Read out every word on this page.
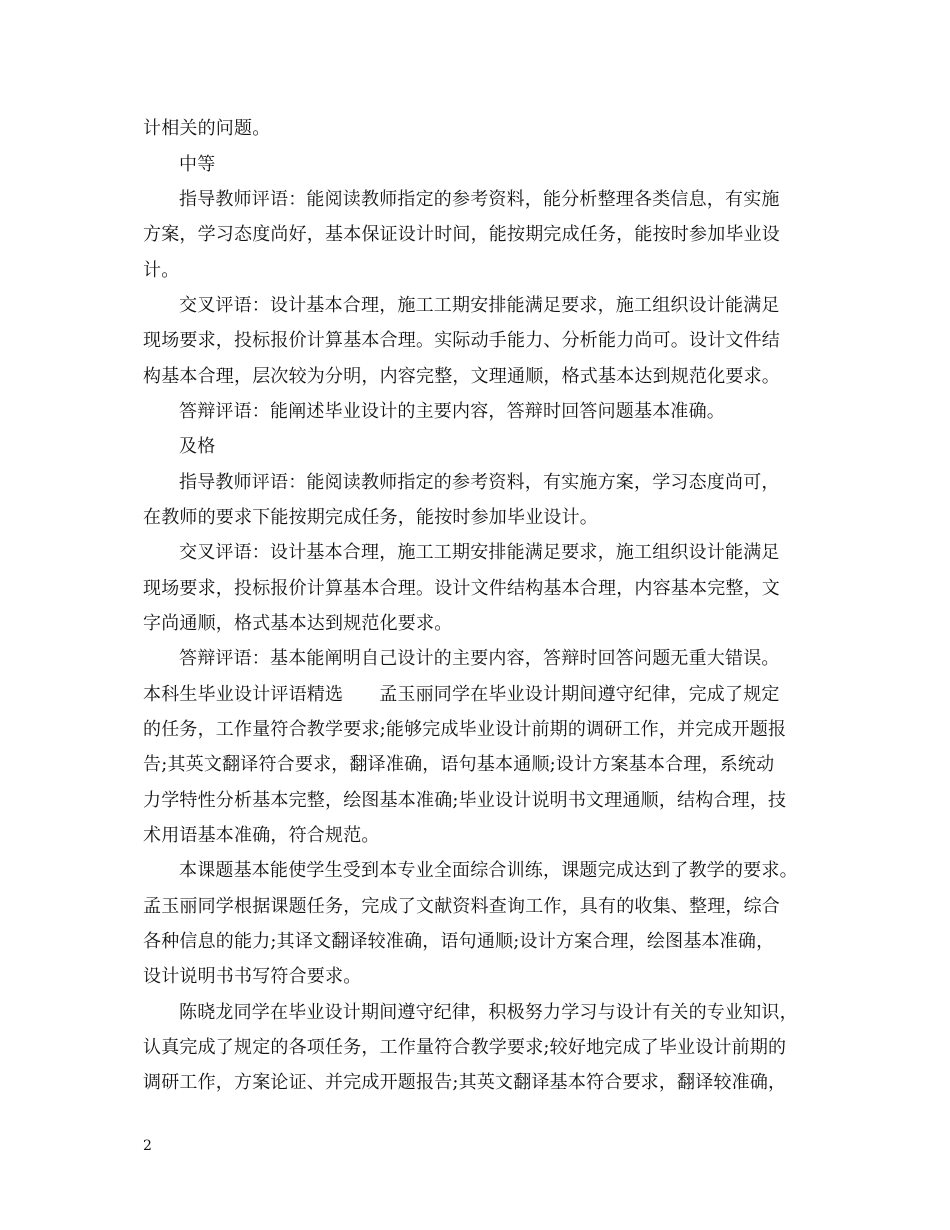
计相关的问题。
中等
指导教师评语：能阅读教师指定的参考资料，能分析整理各类信息，有实施
方案，学习态度尚好，基本保证设计时间，能按期完成任务，能按时参加毕业设
计。
交叉评语：设计基本合理，施工工期安排能满足要求，施工组织设计能满足
现场要求，投标报价计算基本合理。实际动手能力、分析能力尚可。设计文件结
构基本合理，层次较为分明，内容完整，文理通顺，格式基本达到规范化要求。
答辩评语：能阐述毕业设计的主要内容，答辩时回答问题基本准确。
及格
指导教师评语：能阅读教师指定的参考资料，有实施方案，学习态度尚可，
在教师的要求下能按期完成任务，能按时参加毕业设计。
交叉评语：设计基本合理，施工工期安排能满足要求，施工组织设计能满足
现场要求，投标报价计算基本合理。设计文件结构基本合理，内容基本完整，文
字尚通顺，格式基本达到规范化要求。
答辩评语：基本能阐明自己设计的主要内容，答辩时回答问题无重大错误。
本科生毕业设计评语精选 孟玉丽同学在毕业设计期间遵守纪律，完成了规定
的任务，工作量符合教学要求;能够完成毕业设计前期的调研工作，并完成开题报
告;其英文翻译符合要求，翻译准确，语句基本通顺;设计方案基本合理，系统动
力学特性分析基本完整，绘图基本准确;毕业设计说明书文理通顺，结构合理，技
术用语基本准确，符合规范。
本课题基本能使学生受到本专业全面综合训练，课题完成达到了教学的要求。
孟玉丽同学根据课题任务，完成了文献资料查询工作，具有的收集、整理，综合
各种信息的能力;其译文翻译较准确，语句通顺;设计方案合理，绘图基本准确，
设计说明书书写符合要求。
陈晓龙同学在毕业设计期间遵守纪律，积极努力学习与设计有关的专业知识，
认真完成了规定的各项任务，工作量符合教学要求;较好地完成了毕业设计前期的
调研工作，方案论证、并完成开题报告;其英文翻译基本符合要求，翻译较准确，
2
